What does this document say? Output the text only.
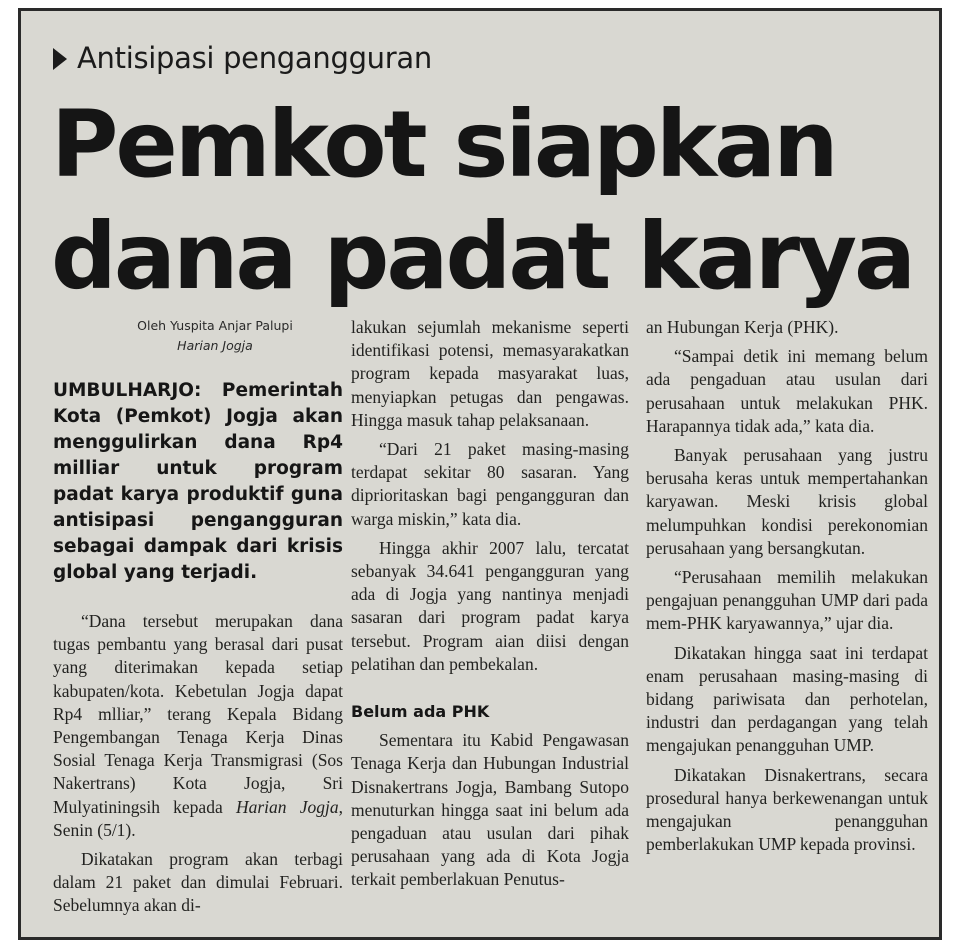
Antisipasi pengangguran
Pemkot siapkan dana padat karya
Oleh Yuspita Anjar Palupi
Harian Jogja

UMBULHARJO: Pemerintah Kota (Pemkot) Jogja akan menggulirkan dana Rp4 milliar untuk program padat karya produktif guna antisipasi pengangguran sebagai dampak dari krisis global yang terjadi.

“Dana tersebut merupakan dana tugas pembantu yang berasal dari pusat yang diterimakan kepada setiap kabupaten/kota. Kebetulan Jogja dapat Rp4 mlliar,” terang Kepala Bidang Pengembangan Tenaga Kerja Dinas Sosial Tenaga Kerja Transmigrasi (Sos Nakertrans) Kota Jogja, Sri Mulyatiningsih kepada Harian Jogja, Senin (5/1).

Dikatakan program akan terbagi dalam 21 paket dan dimulai Februari. Sebelumnya akan di-

lakukan sejumlah mekanisme seperti identifikasi potensi, memasyarakatkan program kepada masyarakat luas, menyiapkan petugas dan pengawas. Hingga masuk tahap pelaksanaan.

“Dari 21 paket masing-masing terdapat sekitar 80 sasaran. Yang diprioritaskan bagi pengangguran dan warga miskin,” kata dia.

Hingga akhir 2007 lalu, tercatat sebanyak 34.641 pengangguran yang ada di Jogja yang nantinya menjadi sasaran dari program padat karya tersebut. Program aian diisi dengan pelatihan dan pembekalan.

Belum ada PHK

Sementara itu Kabid Pengawasan Tenaga Kerja dan Hubungan Industrial Disnakertrans Jogja, Bambang Sutopo menuturkan hingga saat ini belum ada pengaduan atau usulan dari pihak perusahaan yang ada di Kota Jogja terkait pemberlakuan Penutus-

an Hubungan Kerja (PHK).

“Sampai detik ini memang belum ada pengaduan atau usulan dari perusahaan untuk melakukan PHK. Harapannya tidak ada,” kata dia.

Banyak perusahaan yang justru berusaha keras untuk mempertahankan karyawan. Meski krisis global melumpuhkan kondisi perekonomian perusahaan yang bersangkutan.

“Perusahaan memilih melakukan pengajuan penangguhan UMP dari pada mem-PHK karyawannya,” ujar dia.

Dikatakan hingga saat ini terdapat enam perusahaan masing-masing di bidang pariwisata dan perhotelan, industri dan perdagangan yang telah mengajukan penangguhan UMP.

Dikatakan Disnakertrans, secara prosedural hanya berkewenangan untuk mengajukan penangguhan pemberlakukan UMP kepada provinsi.
